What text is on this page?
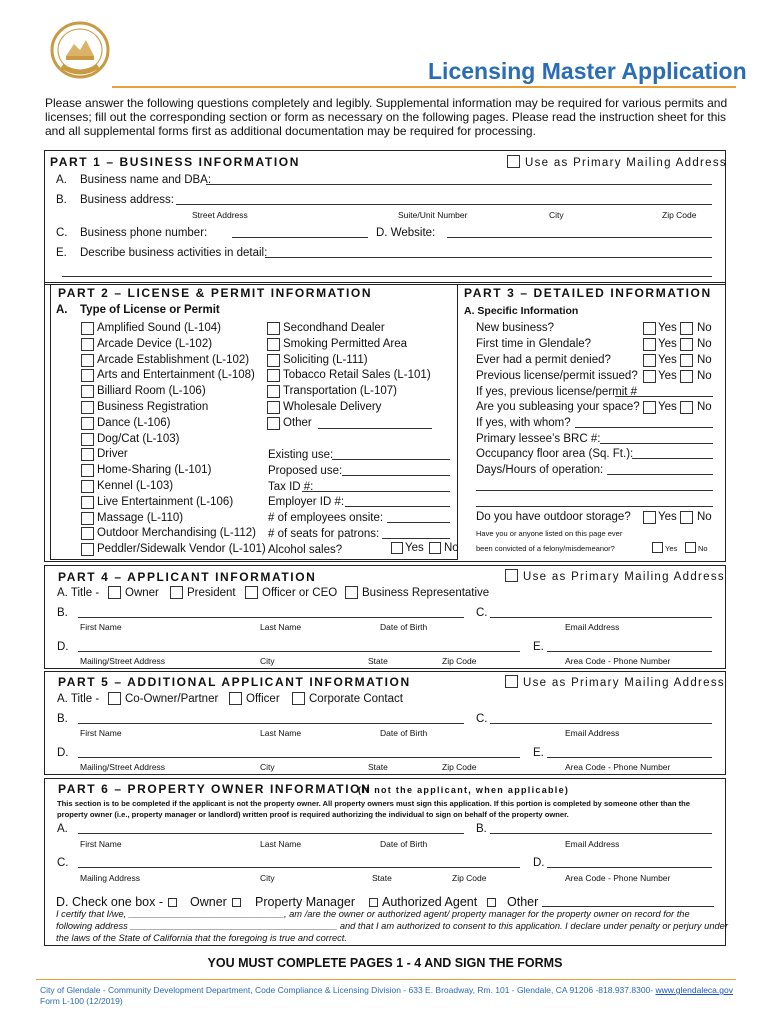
Licensing Master Application
Please answer the following questions completely and legibly. Supplemental information may be required for various permits and licenses; fill out the corresponding section or form as necessary on the following pages. Please read the instruction sheet for this and all supplemental forms first as additional documentation may be required for processing.
PART 1 – BUSINESS INFORMATION	Use as Primary Mailing Address
A. Business name and DBA:
B. Business address:
Street Address	Suite/Unit Number	City	Zip Code
C. Business phone number:	D. Website:
E. Describe business activities in detail:
PART 2 – LICENSE & PERMIT INFORMATION
A. Type of License or Permit
Yes No
PART 3 – DETAILED INFORMATION
A. Specific Information
PART 4 – APPLICANT INFORMATION	Use as Primary Mailing Address
A. Title -
PART 5 – ADDITIONAL APPLICANT INFORMATION	Use as Primary Mailing Address
A. Title -
PART 6 – PROPERTY OWNER INFORMATION
(If not the applicant, when applicable)
This section is to be completed if the applicant is not the property owner. All property owners must sign this application. If this portion is completed by someone other than the property owner (i.e., property manager or landlord) written proof is required authorizing the individual to sign on behalf of the property owner.
D. Check one box -
I certify that I/we, ______________________________, am /are the owner or authorized agent/ property manager for the property owner on record for the following address ________________________________________ and that I am authorized to consent to this application. I declare under penalty or perjury under the laws of the State of California that the foregoing is true and correct.
YOU MUST COMPLETE PAGES 1 - 4 AND SIGN THE FORMS
City of Glendale - Community Development Department, Code Compliance & Licensing Division - 633 E. Broadway, Rm. 101 - Glendale, CA 91206 -818.937.8300- www.glendaleca.gov
Form L-100 (12/2019)
Amplified Sound (L-104)
Arcade Device (L-102)
Arcade Establishment (L-102)
Arts and Entertainment (L-108)
Billiard Room (L-106)
Business Registration
Dance (L-106)
Dog/Cat (L-103)
Driver
Home-Sharing (L-101)
Kennel (L-103)
Live Entertainment (L-106)
Massage (L-110)
Outdoor Merchandising (L-112)
Peddler/Sidewalk Vendor (L-101)
Secondhand Dealer
Smoking Permitted Area
Soliciting (L-111)
Tobacco Retail Sales (L-101)
Transportation (L-107)
Wholesale Delivery
Other
Existing use:
Proposed use:
Tax ID #:
Employer ID #:
# of employees onsite:
# of seats for patrons:
Alcohol sales?
New business?	Yes No
First time in Glendale?	Yes No
Ever had a permit denied?	Yes No
Previous license/permit issued? Yes No
If yes, previous license/permit #
Are you subleasing your space? Yes No
If yes, with whom?
Primary lessee’s BRC #:
Occupancy floor area (Sq. Ft.):
Days/Hours of operation:
Do you have outdoor storage? Yes No
Have you or anyone listed on this page ever
been convicted of a felony/misdemeanor?	Yes	No
Owner President Officer or CEO Business Representative
B.	C.
First Name	Last Name	Date of Birth	Email Address
D.	E.
Mailing/Street Address	City	State	Zip Code	Area Code - Phone Number
Co-Owner/Partner Officer	Corporate Contact
B.	C.
First Name	Last Name	Date of Birth	Email Address
D.	E.
Mailing/Street Address	City	State	Zip Code	Area Code - Phone Number
A.	B.
First Name	Last Name	Date of Birth	Email Address
C.	D.
Mailing Address	City	State	Zip Code	Area Code - Phone Number
Owner Property Manager Authorized Agent Other
